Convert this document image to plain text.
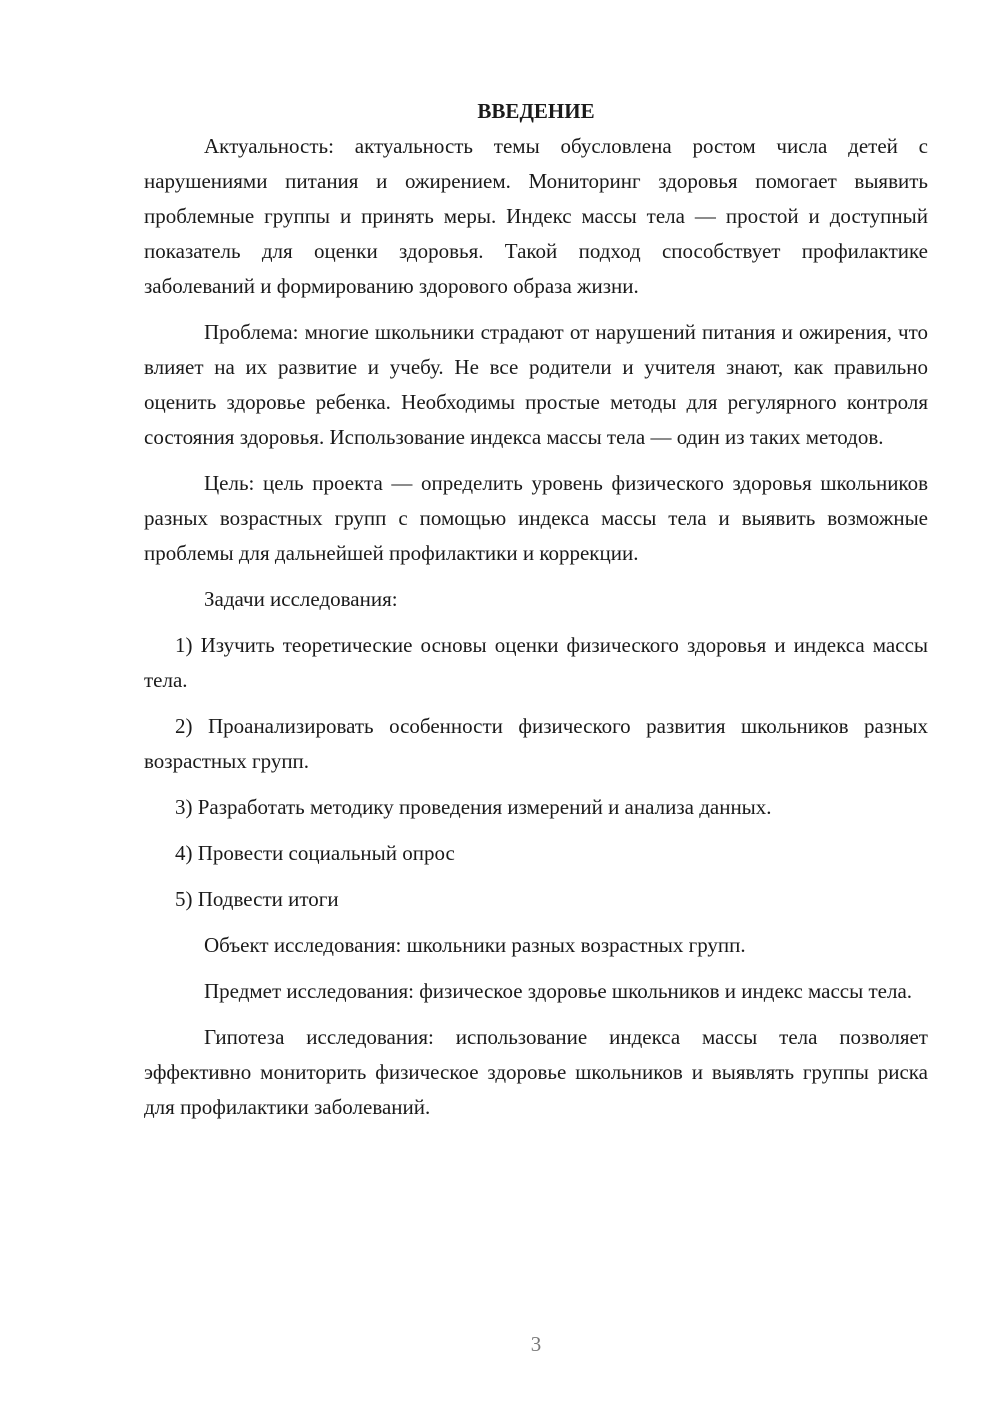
ВВЕДЕНИЕ

Актуальность: актуальность темы обусловлена ростом числа детей с нарушениями питания и ожирением. Мониторинг здоровья помогает выявить проблемные группы и принять меры. Индекс массы тела — простой и доступный показатель для оценки здоровья. Такой подход способствует профилактике заболеваний и формированию здорового образа жизни.

Проблема: многие школьники страдают от нарушений питания и ожирения, что влияет на их развитие и учебу. Не все родители и учителя знают, как правильно оценить здоровье ребенка. Необходимы простые методы для регулярного контроля состояния здоровья. Использование индекса массы тела — один из таких методов.

Цель: цель проекта — определить уровень физического здоровья школьников разных возрастных групп с помощью индекса массы тела и выявить возможные проблемы для дальнейшей профилактики и коррекции.

Задачи исследования:

1) Изучить теоретические основы оценки физического здоровья и индекса массы тела.

2) Проанализировать особенности физического развития школьников разных возрастных групп.

3) Разработать методику проведения измерений и анализа данных.

4) Провести социальный опрос

5) Подвести итоги

Объект исследования: школьники разных возрастных групп.

Предмет исследования: физическое здоровье школьников и индекс массы тела.

Гипотеза исследования: использование индекса массы тела позволяет эффективно мониторить физическое здоровье школьников и выявлять группы риска для профилактики заболеваний.

3
